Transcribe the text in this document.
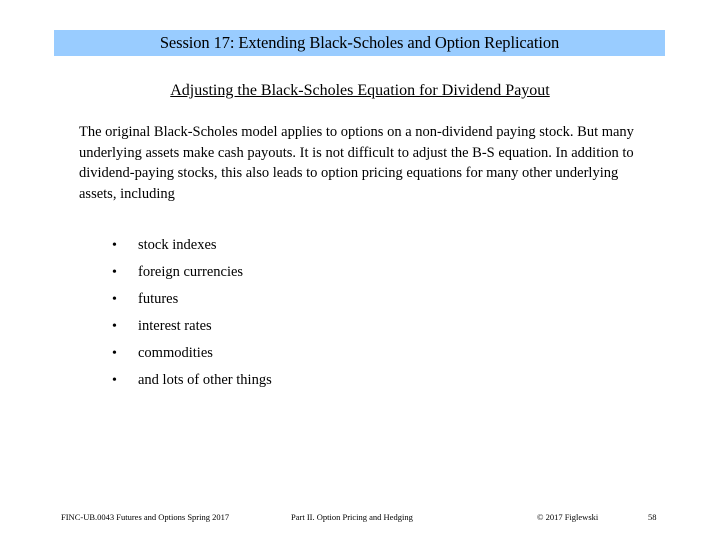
Session 17: Extending Black-Scholes and Option Replication
Adjusting the Black-Scholes Equation for Dividend Payout

The original Black-Scholes model applies to options on a non-dividend paying stock. But many underlying assets make cash payouts. It is not difficult to adjust the B-S equation. In addition to dividend-paying stocks, this also leads to option pricing equations for many other underlying assets, including

•	stock indexes
•	foreign currencies
•	futures
•	interest rates
•	commodities
•	and lots of other things
FINC-UB.0043 Futures and Options Spring 2017	Part II. Option Pricing and Hedging	© 2017 Figlewski	58
